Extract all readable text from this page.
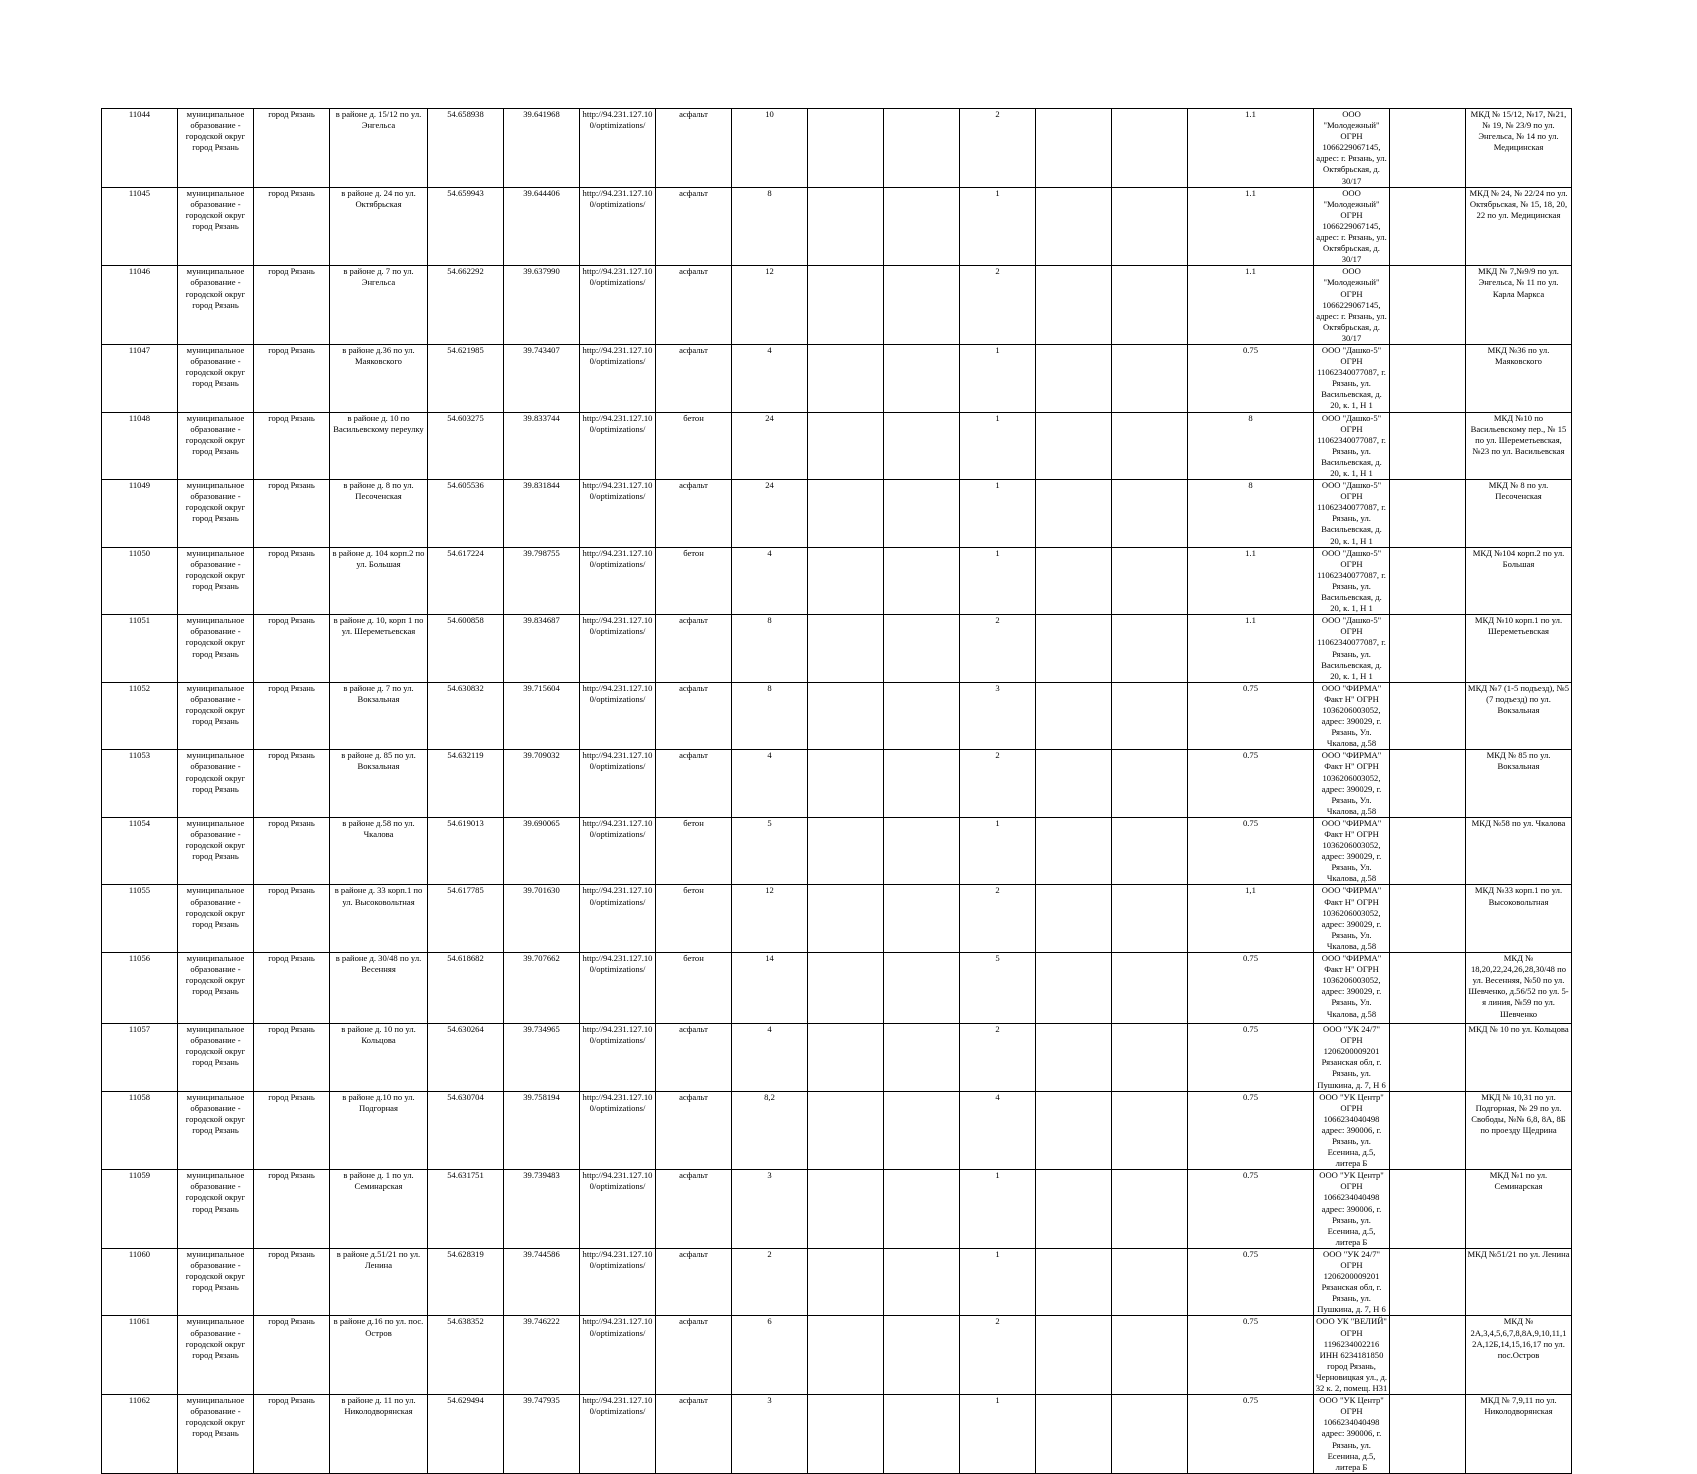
11044	муниципальное образование - городской округ город Рязань	город Рязань	в районе д. 15/12 по ул. Энгельса	54.658938	39.641968	http://94.231.127.10 0/optimizations/	асфальт	10			2			1.1	ООО "Молодежный" ОГРН 1066229067145, адрес: г. Рязань, ул. Октябрьская, д. 30/17		МКД № 15/12, №17, №21, № 19, № 23/9 по ул. Энгельса, № 14 по ул. Медицинская
11045	муниципальное образование - городской округ город Рязань	город Рязань	в районе д. 24 по ул. Октябрьская	54.659943	39.644406	http://94.231.127.10 0/optimizations/	асфальт	8			1			1.1	ООО "Молодежный" ОГРН 1066229067145, адрес: г. Рязань, ул. Октябрьская, д. 30/17		МКД № 24, № 22/24 по ул. Октябрьская, № 15, 18, 20, 22 по ул. Медицинская
11046	муниципальное образование - городской округ город Рязань	город Рязань	в районе д. 7 по ул. Энгельса	54.662292	39.637990	http://94.231.127.10 0/optimizations/	асфальт	12			2			1.1	ООО "Молодежный" ОГРН 1066229067145, адрес: г. Рязань, ул. Октябрьская, д. 30/17		МКД № 7,№9/9 по ул. Энгельса, № 11 по ул. Карла Маркса
11047	муниципальное образование - городской округ город Рязань	город Рязань	в районе д.36 по ул. Маяковского	54.621985	39.743407	http://94.231.127.10 0/optimizations/	асфальт	4			1			0.75	ООО "Дашко-5" ОГРН 11062340077087, г. Рязань, ул. Васильевская, д. 20, к. 1, Н 1		МКД №36 по ул. Маяковского
11048	муниципальное образование - городской округ город Рязань	город Рязань	в районе д. 10 по Васильевскому переулку	54.603275	39.833744	http://94.231.127.10 0/optimizations/	бетон	24			1			8	ООО "Дашко-5" ОГРН 11062340077087, г. Рязань, ул. Васильевская, д. 20, к. 1, Н 1		МКД №10 по Васильевскому пер., № 15 по ул. Шереметьевская, №23 по ул. Васильевская
11049	муниципальное образование - городской округ город Рязань	город Рязань	в районе д. 8 по ул. Песоченская	54.605536	39.831844	http://94.231.127.10 0/optimizations/	асфальт	24			1			8	ООО "Дашко-5" ОГРН 11062340077087, г. Рязань, ул. Васильевская, д. 20, к. 1, Н 1		МКД № 8 по ул. Песоченская
11050	муниципальное образование - городской округ город Рязань	город Рязань	в районе д. 104 корп.2 по ул. Большая	54.617224	39.798755	http://94.231.127.10 0/optimizations/	бетон	4			1			1.1	ООО "Дашко-5" ОГРН 11062340077087, г. Рязань, ул. Васильевская, д. 20, к. 1, Н 1		МКД №104 корп.2 по ул. Большая
11051	муниципальное образование - городской округ город Рязань	город Рязань	в районе д. 10, корп 1 по ул. Шереметьевская	54.600858	39.834687	http://94.231.127.10 0/optimizations/	асфальт	8			2			1.1	ООО "Дашко-5" ОГРН 11062340077087, г. Рязань, ул. Васильевская, д. 20, к. 1, Н 1		МКД №10 корп.1 по ул. Шереметьевская
11052	муниципальное образование - городской округ город Рязань	город Рязань	в районе д. 7 по ул. Вокзальная	54.630832	39.715604	http://94.231.127.10 0/optimizations/	асфальт	8			3			0.75	ООО "ФИРМА" Факт Н" ОГРН 1036206003052, адрес: 390029, г. Рязань, Ул. Чкалова, д.58		МКД №7 (1-5 подъезд), №5 (7 подъезд) по ул. Вокзальная
11053	муниципальное образование - городской округ город Рязань	город Рязань	в районе д. 85 по ул. Вокзальная	54.632119	39.709032	http://94.231.127.10 0/optimizations/	асфальт	4			2			0.75	ООО "ФИРМА" Факт Н" ОГРН 1036206003052, адрес: 390029, г. Рязань, Ул. Чкалова, д.58		МКД № 85 по ул. Вокзальная
11054	муниципальное образование - городской округ город Рязань	город Рязань	в районе д.58 по ул. Чкалова	54.619013	39.690065	http://94.231.127.10 0/optimizations/	бетон	5			1			0.75	ООО "ФИРМА" Факт Н" ОГРН 1036206003052, адрес: 390029, г. Рязань, Ул. Чкалова, д.58		МКД №58 по ул. Чкалова
11055	муниципальное образование - городской округ город Рязань	город Рязань	в районе д. 33 корп.1 по ул. Высоковольтная	54.617785	39.701630	http://94.231.127.10 0/optimizations/	бетон	12			2			1,1	ООО "ФИРМА" Факт Н" ОГРН 1036206003052, адрес: 390029, г. Рязань, Ул. Чкалова, д.58		МКД №33 корп.1 по ул. Высоковольтная
11056	муниципальное образование - городской округ город Рязань	город Рязань	в районе д. 30/48 по ул. Весенняя	54.618682	39.707662	http://94.231.127.10 0/optimizations/	бетон	14			5			0.75	ООО "ФИРМА" Факт Н" ОГРН 1036206003052, адрес: 390029, г. Рязань, Ул. Чкалова, д.58		МКД № 18,20,22,24,26,28,30/48 по ул. Весенняя, №50 по ул. Шевченко, д.56/52 по ул. 5-я линия, №59 по ул. Шевченко
11057	муниципальное образование - городской округ город Рязань	город Рязань	в районе д. 10 по ул. Кольцова	54.630264	39.734965	http://94.231.127.10 0/optimizations/	асфальт	4			2			0.75	ООО "УК 24/7" ОГРН 1206200009201 Рязанская обл, г. Рязань, ул. Пушкина, д. 7, Н 6		МКД № 10 по ул. Кольцова
11058	муниципальное образование - городской округ город Рязань	город Рязань	в районе д.10 по ул. Подгорная	54.630704	39.758194	http://94.231.127.10 0/optimizations/	асфальт	8,2			4			0.75	ООО "УК Центр" ОГРН 1066234040498 адрес: 390006, г. Рязань, ул. Есенина, д.5, литера Б		МКД № 10,31 по ул. Подгорная, № 29 по ул. Свободы, №№ 6,8, 8А, 8Б по проезду Щедрина
11059	муниципальное образование - городской округ город Рязань	город Рязань	в районе д. 1 по ул. Семинарская	54.631751	39.739483	http://94.231.127.10 0/optimizations/	асфальт	3			1			0.75	ООО "УК Центр" ОГРН 1066234040498 адрес: 390006, г. Рязань, ул. Есенина, д.5, литера Б		МКД №1 по ул. Семинарская
11060	муниципальное образование - городской округ город Рязань	город Рязань	в районе д.51/21 по ул. Ленина	54.628319	39.744586	http://94.231.127.10 0/optimizations/	асфальт	2			1			0.75	ООО "УК 24/7" ОГРН 1206200009201 Рязанская обл, г. Рязань, ул. Пушкина, д. 7, Н 6		МКД №51/21 по ул. Ленина
11061	муниципальное образование - городской округ город Рязань	город Рязань	в районе д.16 по ул. пос. Остров	54.638352	39.746222	http://94.231.127.10 0/optimizations/	асфальт	6			2			0.75	ООО УК "ВЕЛИЙ" ОГРН 1196234002216 ИНН 6234181850 город Рязань, Черновицкая ул., д. 32 к. 2, помещ. Н31		МКД № 2А,3,4,5,6,7,8,8А,9,10,11,1 2А,12Б,14,15,16,17 по ул. пос.Остров
11062	муниципальное образование - городской округ город Рязань	город Рязань	в районе д. 11 по ул. Николодворянская	54.629494	39.747935	http://94.231.127.10 0/optimizations/	асфальт	3			1			0.75	ООО "УК Центр" ОГРН 1066234040498 адрес: 390006, г. Рязань, ул. Есенина, д.5, литера Б		МКД № 7,9,11 по ул. Николодворянская
